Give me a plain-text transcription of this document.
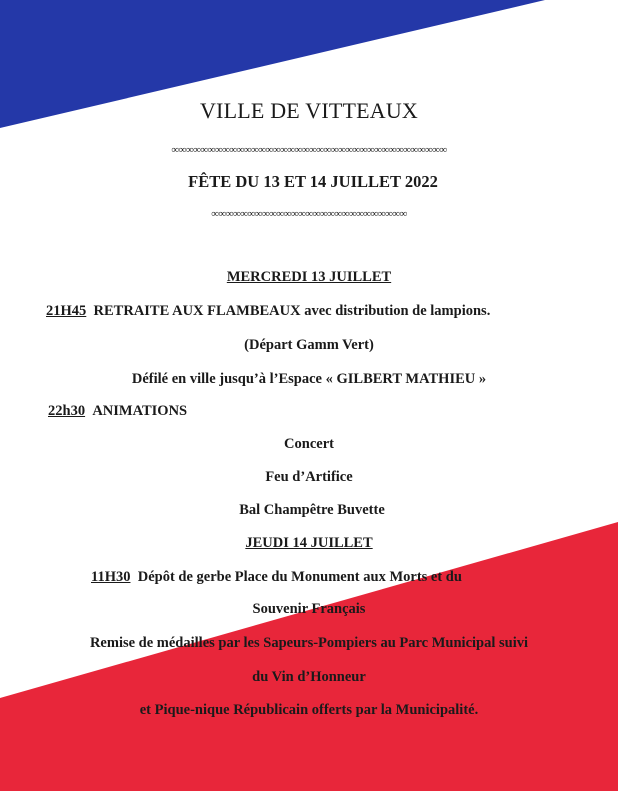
VILLE DE VITTEAUX
∞∞∞∞∞∞∞∞∞∞∞∞∞∞∞∞∞∞∞∞∞∞∞∞∞∞∞∞∞∞∞∞∞∞∞∞∞∞
FÊTE DU 13 ET 14 JUILLET 2022
∞∞∞∞∞∞∞∞∞∞∞∞∞∞∞∞∞∞∞∞∞∞∞∞∞∞∞
MERCREDI 13 JUILLET
21H45 RETRAITE AUX FLAMBEAUX avec distribution de lampions.
(Départ Gamm Vert)
Défilé en ville jusqu’à l’Espace « GILBERT MATHIEU »
22h30 ANIMATIONS
Concert
Feu d’Artifice
Bal Champêtre Buvette
JEUDI 14 JUILLET
11H30 Dépôt de gerbe Place du Monument aux Morts et du
Souvenir Français
Remise de médailles par les Sapeurs-Pompiers au Parc Municipal suivi
du Vin d’Honneur
et Pique-nique Républicain offerts par la Municipalité.
